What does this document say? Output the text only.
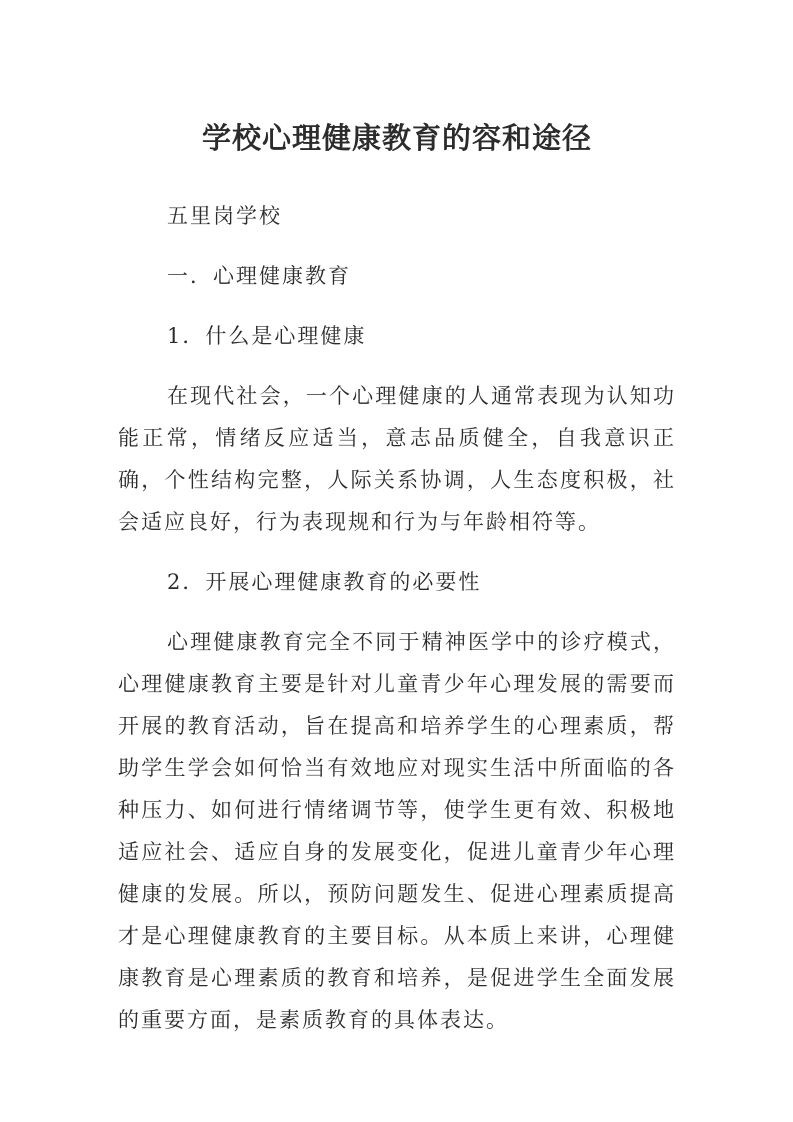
学校心理健康教育的容和途径

五里岗学校

一．心理健康教育

1．什么是心理健康

在现代社会，一个心理健康的人通常表现为认知功能正常，情绪反应适当，意志品质健全，自我意识正确，个性结构完整，人际关系协调，人生态度积极，社会适应良好，行为表现规和行为与年龄相符等。

2．开展心理健康教育的必要性

心理健康教育完全不同于精神医学中的诊疗模式，心理健康教育主要是针对儿童青少年心理发展的需要而开展的教育活动，旨在提高和培养学生的心理素质，帮助学生学会如何恰当有效地应对现实生活中所面临的各种压力、如何进行情绪调节等，使学生更有效、积极地适应社会、适应自身的发展变化，促进儿童青少年心理健康的发展。所以，预防问题发生、促进心理素质提高才是心理健康教育的主要目标。从本质上来讲，心理健康教育是心理素质的教育和培养，是促进学生全面发展的重要方面，是素质教育的具体表达。
